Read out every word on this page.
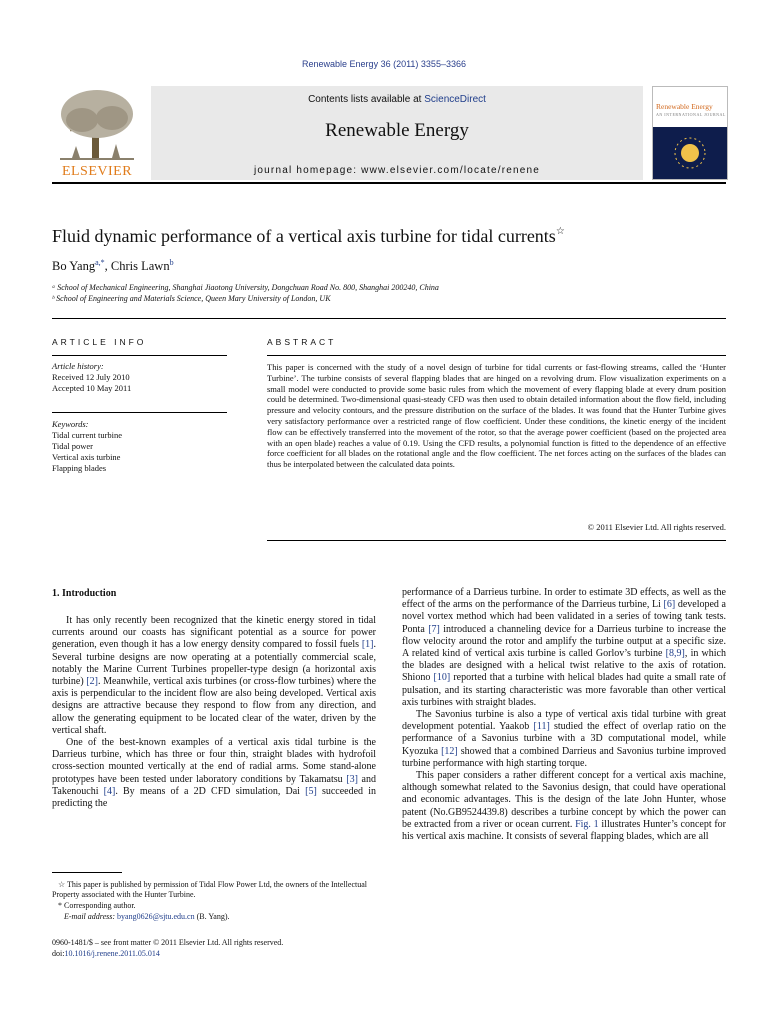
Renewable Energy 36 (2011) 3355–3366
ELSEVIER
Contents lists available at ScienceDirect
Renewable Energy
journal homepage: www.elsevier.com/locate/renene
Renewable Energy
AN INTERNATIONAL JOURNAL
Fluid dynamic performance of a vertical axis turbine for tidal currents☆
Bo Yang$^{a,*}$, Chris Lawn$^b$
ᵃ School of Mechanical Engineering, Shanghai Jiaotong University, Dongchuan Road No. 800, Shanghai 200240, China
ᵇ School of Engineering and Materials Science, Queen Mary University of London, UK
ARTICLE INFO
Article history:
Received 12 July 2010
Accepted 10 May 2011
Keywords:
Tidal current turbine
Tidal power
Vertical axis turbine
Flapping blades
ABSTRACT
This paper is concerned with the study of a novel design of turbine for tidal currents or fast-flowing streams, called the ‘Hunter Turbine’. The turbine consists of several flapping blades that are hinged on a revolving drum. Flow visualization experiments on a small model were conducted to provide some basic rules from which the movement of every flapping blade at every drum position could be determined. Two-dimensional quasi-steady CFD was then used to obtain detailed information about the flow field, including pressure and velocity contours, and the pressure distribution on the surface of the blades. It was found that the Hunter Turbine gives very satisfactory performance over a restricted range of flow coefficient. Under these conditions, the kinetic energy of the incident flow can be effectively transferred into the movement of the rotor, so that the average power coefficient (based on the projected area with an open blade) reaches a value of 0.19. Using the CFD results, a polynomial function is fitted to the dependence of an effective force coefficient for all blades on the rotational angle and the flow coefficient. The net forces acting on the surfaces of the blades can thus be interpolated between the calculated data points.
© 2011 Elsevier Ltd. All rights reserved.
1. Introduction

It has only recently been recognized that the kinetic energy stored in tidal currents around our coasts has significant potential as a source for power generation, even though it has a low energy density compared to fossil fuels [1]. Several turbine designs are now operating at a potentially commercial scale, notably the Marine Current Turbines propeller-type design (a horizontal axis turbine) [2]. Meanwhile, vertical axis turbines (or cross-flow turbines) where the axis is perpendicular to the incident flow are also being developed. Vertical axis designs are attractive because they respond to flow from any direction, and allow the generating equipment to be located clear of the water, driven by the vertical shaft.

One of the best-known examples of a vertical axis tidal turbine is the Darrieus turbine, which has three or four thin, straight blades with hydrofoil cross-section mounted vertically at the end of radial arms. Some stand-alone prototypes have been tested under laboratory conditions by Takamatsu [3] and Takenouchi [4]. By means of a 2D CFD simulation, Dai [5] succeeded in predicting the

performance of a Darrieus turbine. In order to estimate 3D effects, as well as the effect of the arms on the performance of the Darrieus turbine, Li [6] developed a novel vortex method which had been validated in a series of towing tank tests. Ponta [7] introduced a channeling device for a Darrieus turbine to increase the flow velocity around the rotor and amplify the turbine output at a specific size. A related kind of vertical axis turbine is called Gorlov’s turbine [8,9], in which the blades are designed with a helical twist relative to the axis of rotation. Shiono [10] reported that a turbine with helical blades had quite a small rate of pulsation, and its starting characteristic was more favorable than other vertical axis turbines with straight blades.

The Savonius turbine is also a type of vertical axis tidal turbine with great development potential. Yaakob [11] studied the effect of overlap ratio on the performance of a Savonius turbine with a 3D computational model, while Kyozuka [12] showed that a combined Darrieus and Savonius turbine improved turbine performance with high starting torque.

This paper considers a rather different concept for a vertical axis machine, although somewhat related to the Savonius design, that could have operational and economic advantages. This is the design of the late John Hunter, whose patent (No.GB9524439.8) describes a turbine concept by which the power can be extracted from a river or ocean current. Fig. 1 illustrates Hunter’s concept for his vertical axis machine. It consists of several flapping blades, which are all

☆ This paper is published by permission of Tidal Flow Power Ltd, the owners of the Intellectual Property associated with the Hunter Turbine.
* Corresponding author.
E-mail address: byang0626@sjtu.edu.cn (B. Yang).
0960-1481/$ – see front matter © 2011 Elsevier Ltd. All rights reserved.
doi:10.1016/j.renene.2011.05.014
